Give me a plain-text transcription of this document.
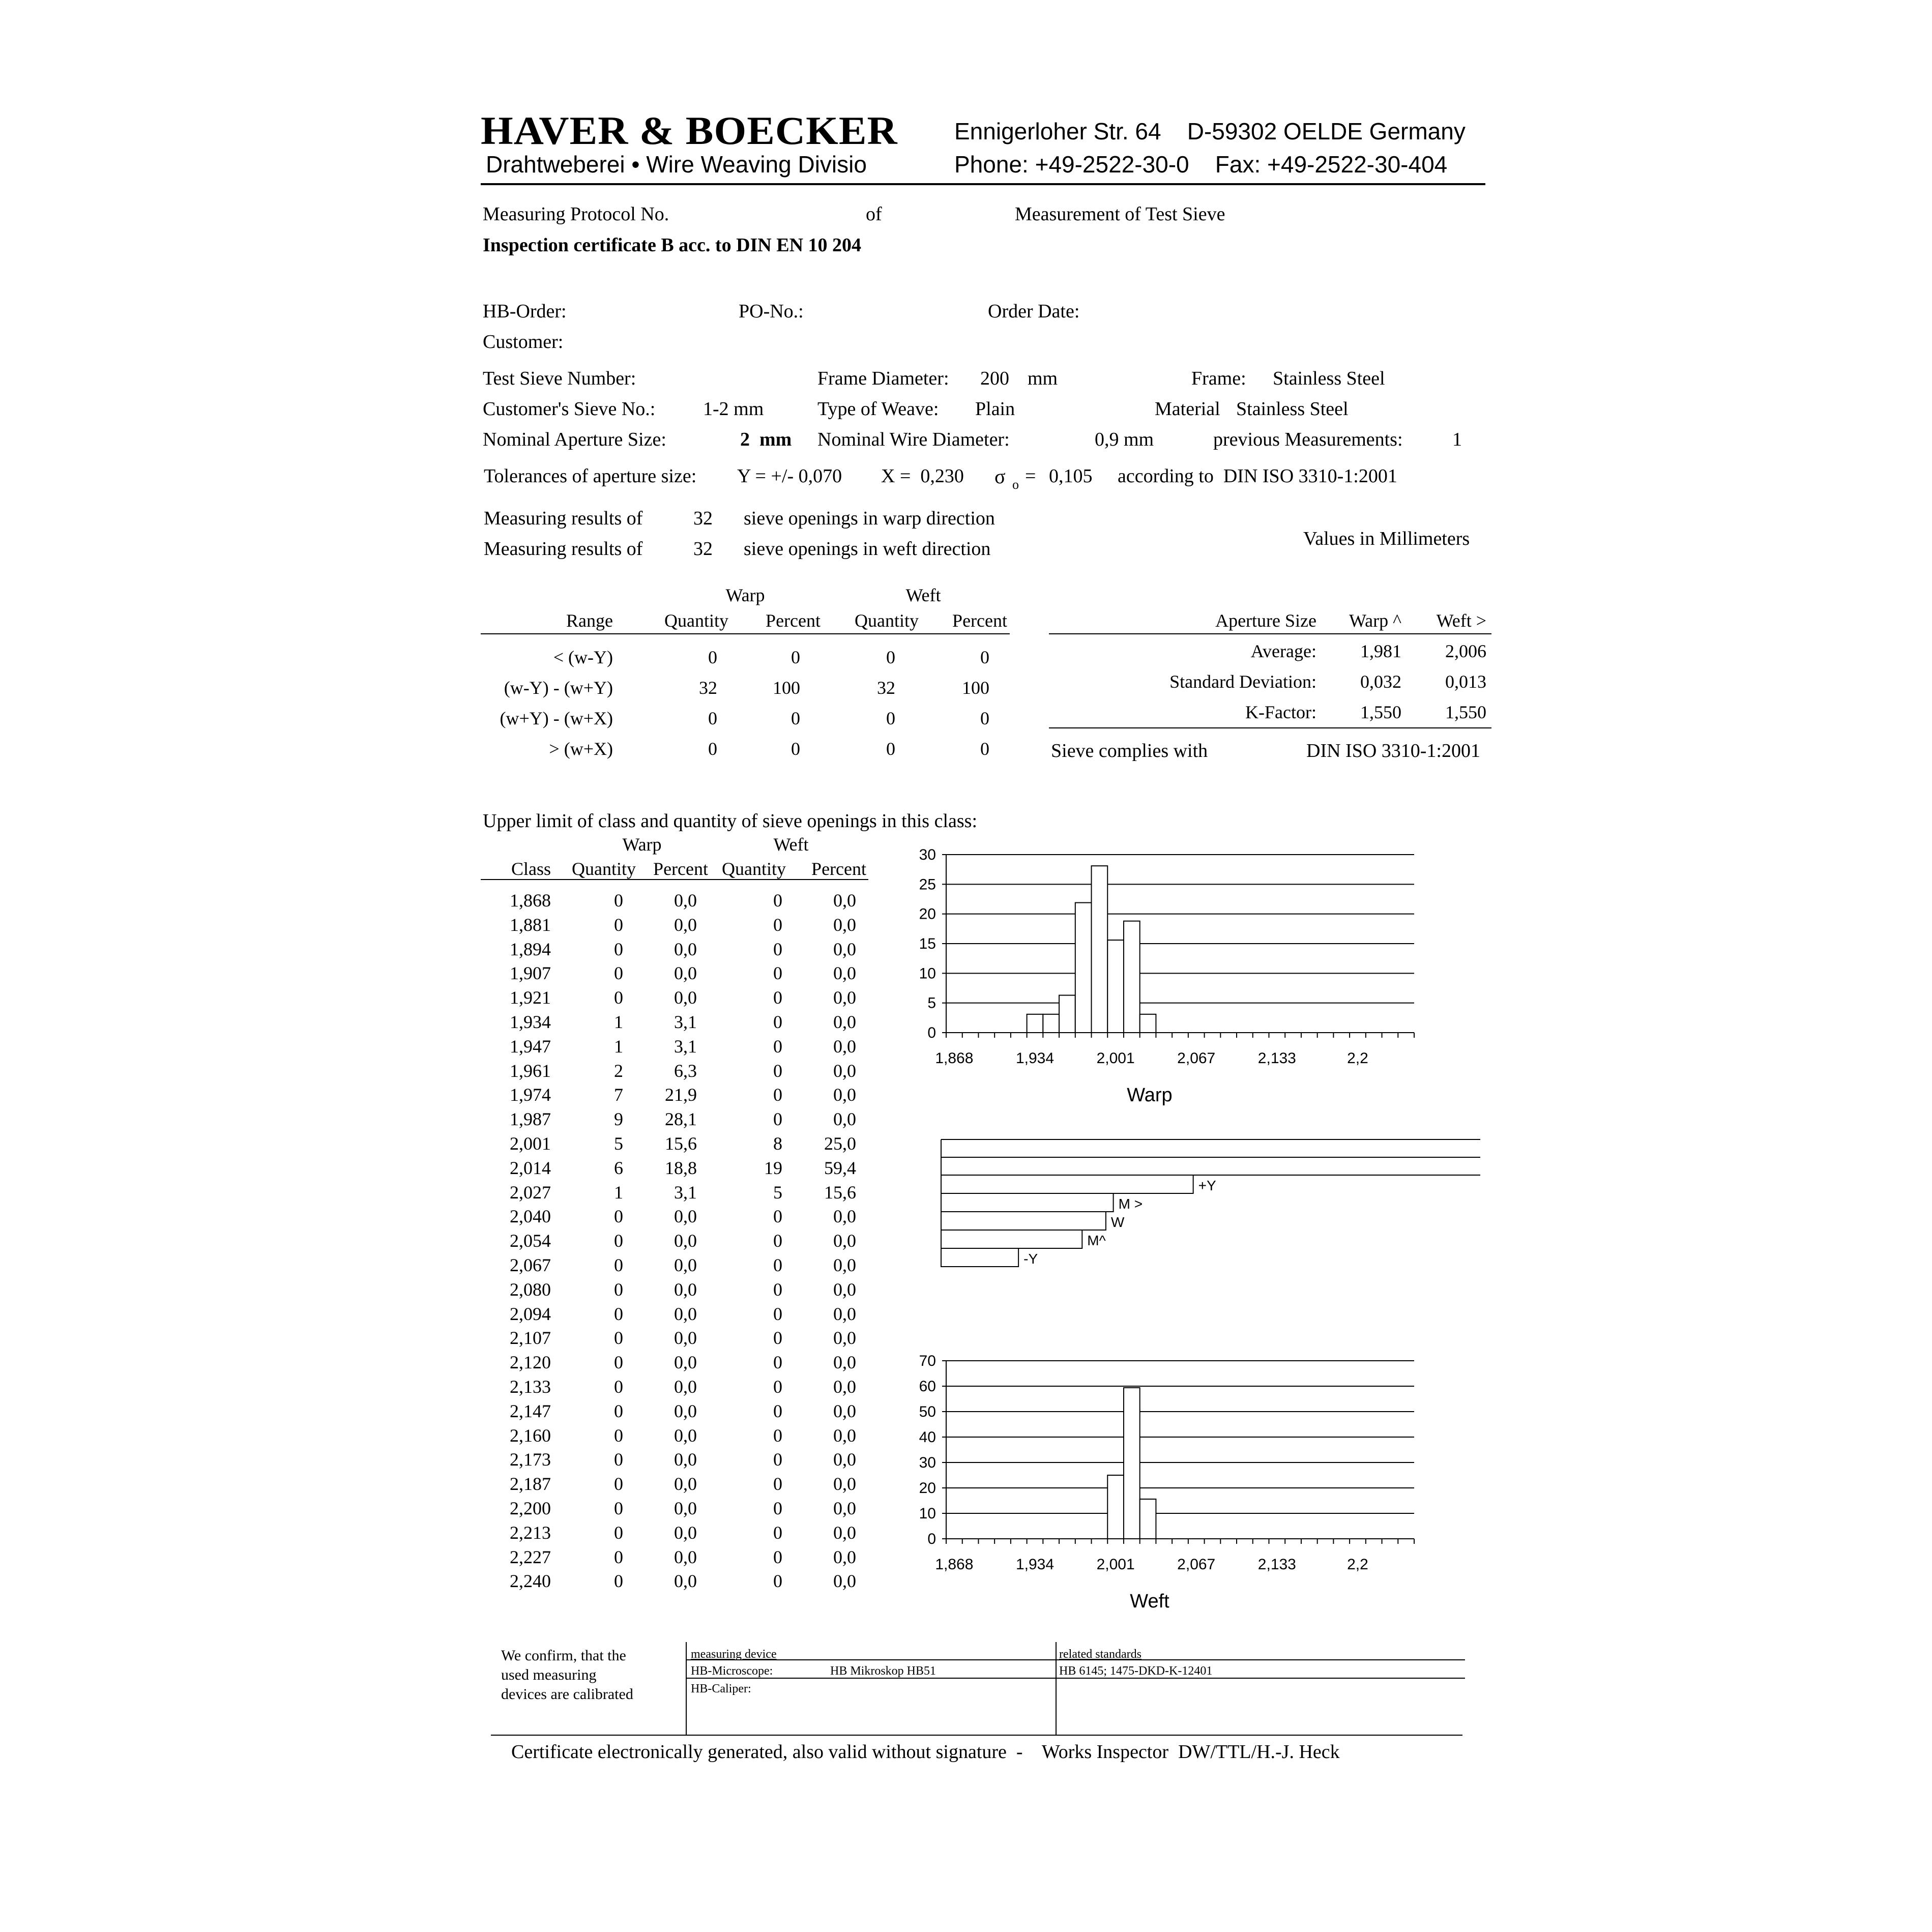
HAVER & BOECKER
Drahtweberei • Wire Weaving Divisio
Ennigerloher Str. 64    D-59302 OELDE Germany
Phone: +49-2522-30-0    Fax: +49-2522-30-404
Measuring Protocol No.	of	Measurement of Test Sieve
Inspection certificate B acc. to DIN EN 10 204
HB-Order:	PO-No.:	Order Date:
Customer:
Test Sieve Number:	Frame Diameter: 200 mm	Frame: Stainless Steel
Customer's Sieve No.: 1-2 mm	Type of Weave: Plain	Material Stainless Steel
Nominal Aperture Size:	2  mm Nominal Wire Diameter:	0,9 mm	previous Measurements:	1
Tolerances of aperture size: Y = +/- 0,070 X =  0,230 σ o = 0,105 according to  DIN ISO 3310-1:2001
Measuring results of	32 sieve openings in warp direction
Measuring results of	32 sieve openings in weft direction	Values in Millimeters
Warp	Weft
Range	Quantity Percent Quantity Percent
< (w-Y)	0	0	0	0
(w-Y) - (w+Y)	32	100	32	100
(w+Y) - (w+X)	0	0	0	0
> (w+X)	0	0	0	0
Aperture Size Warp ^ Weft >
Average: 1,981 2,006
Standard Deviation: 0,032 0,013
K-Factor: 1,550 1,550
Sieve complies with	DIN ISO 3310-1:2001
Upper limit of class and quantity of sieve openings in this class:
Warp	Weft
Class Quantity Percent Quantity Percent
1,868	0	0,0	0	0,0
1,881	0	0,0	0	0,0
1,894	0	0,0	0	0,0
1,907	0	0,0	0	0,0
1,921	0	0,0	0	0,0
1,934	1	3,1	0	0,0
1,947	1	3,1	0	0,0
1,961	2	6,3	0	0,0
1,974	7 21,9	0	0,0
1,987	9 28,1	0	0,0
2,001	5 15,6	8 25,0
2,014	6 18,8	19 59,4
2,027	1	3,1	5 15,6
2,040	0	0,0	0	0,0
2,054	0	0,0	0	0,0
2,067	0	0,0	0	0,0
2,080	0	0,0	0	0,0
2,094	0	0,0	0	0,0
2,107	0	0,0	0	0,0
2,120	0	0,0	0	0,0
2,133	0	0,0	0	0,0
2,147	0	0,0	0	0,0
2,160	0	0,0	0	0,0
2,173	0	0,0	0	0,0
2,187	0	0,0	0	0,0
2,200	0	0,0	0	0,0
2,213	0	0,0	0	0,0
2,227	0	0,0	0	0,0
2,240	0	0,0	0	0,0
0
5
10
15
20
25
30
1,868	1,934	2,001	2,067	2,133	2,2
Warp
+Y
M >
W
M^
-Y
0
10
20
30
40
50
60
70
1,868	1,934	2,001	2,067	2,133	2,2
Weft
We confirm, that the
used measuring
devices are calibrated
measuring device
HB-Microscope:	HB Mikroskop HB51
HB-Caliper:
related standards
HB 6145; 1475-DKD-K-12401
Certificate electronically generated, also valid without signature  -    Works Inspector  DW/TTL/H.-J. Heck
